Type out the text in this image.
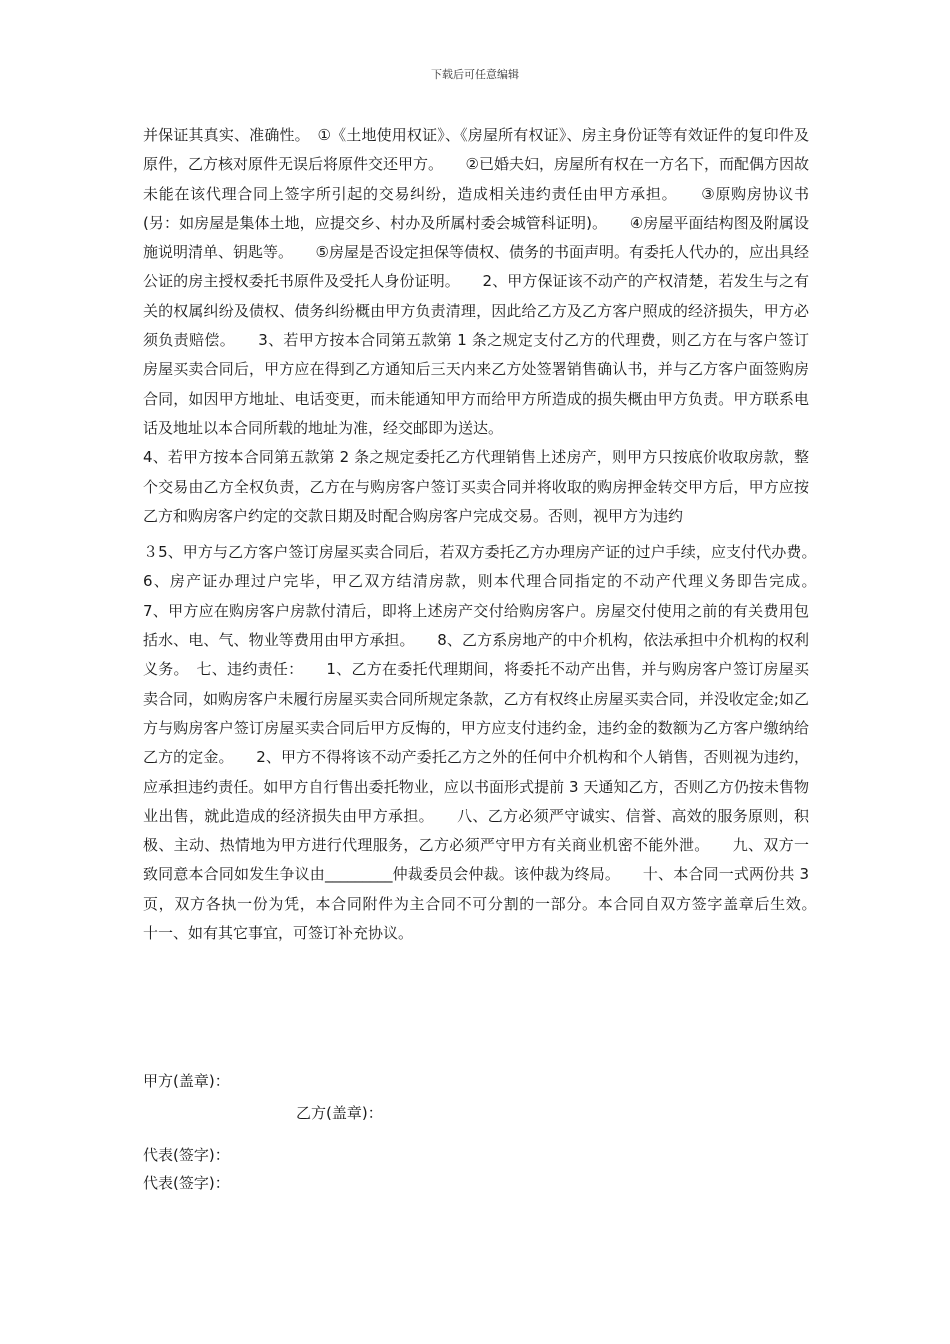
下载后可任意编辑

并保证其真实、准确性。　①《土地使用权证》、《房屋所有权证》、房主身份证等有效证件的复印件及原件，乙方核对原件无误后将原件交还甲方。　　②已婚夫妇，房屋所有权在一方名下，而配偶方因故未能在该代理合同上签字所引起的交易纠纷，造成相关违约责任由甲方承担。　　③原购房协议书(另：如房屋是集体土地，应提交乡、村办及所属村委会城管科证明)。　　④房屋平面结构图及附属设施说明清单、钥匙等。　　⑤房屋是否设定担保等债权、债务的书面声明。有委托人代办的，应出具经公证的房主授权委托书原件及受托人身份证明。　　2、甲方保证该不动产的产权清楚，若发生与之有关的权属纠纷及债权、债务纠纷概由甲方负责清理，因此给乙方及乙方客户照成的经济损失，甲方必须负责赔偿。　　3、若甲方按本合同第五款第 1 条之规定支付乙方的代理费，则乙方在与客户签订房屋买卖合同后，甲方应在得到乙方通知后三天内来乙方处签署销售确认书，并与乙方客户面签购房合同，如因甲方地址、电话变更，而未能通知甲方而给甲方所造成的损失概由甲方负责。甲方联系电话及地址以本合同所载的地址为准，经交邮即为送达。

4、若甲方按本合同第五款第 2 条之规定委托乙方代理销售上述房产，则甲方只按底价收取房款，整个交易由乙方全权负责，乙方在与购房客户签订买卖合同并将收取的购房押金转交甲方后，甲方应按乙方和购房客户约定的交款日期及时配合购房客户完成交易。否则，视甲方为违约

３5、甲方与乙方客户签订房屋买卖合同后，若双方委托乙方办理房产证的过户手续，应支付代办费。　　6、房产证办理过户完毕，甲乙双方结清房款，则本代理合同指定的不动产代理义务即告完成。　　7、甲方应在购房客户房款付清后，即将上述房产交付给购房客户。房屋交付使用之前的有关费用包括水、电、气、物业等费用由甲方承担。　　8、乙方系房地产的中介机构，依法承担中介机构的权利义务。　七、违约责任：　　1、乙方在委托代理期间，将委托不动产出售，并与购房客户签订房屋买卖合同，如购房客户未履行房屋买卖合同所规定条款，乙方有权终止房屋买卖合同，并没收定金;如乙方与购房客户签订房屋买卖合同后甲方反悔的，甲方应支付违约金，违约金的数额为乙方客户缴纳给乙方的定金。　　2、甲方不得将该不动产委托乙方之外的任何中介机构和个人销售，否则视为违约，应承担违约责任。如甲方自行售出委托物业，应以书面形式提前 3 天通知乙方，否则乙方仍按未售物业出售，就此造成的经济损失由甲方承担。　　八、乙方必须严守诚实、信誉、高效的服务原则，积极、主动、热情地为甲方进行代理服务，乙方必须严守甲方有关商业机密不能外泄。　　九、双方一致同意本合同如发生争议由_________仲裁委员会仲裁。该仲裁为终局。　　十、本合同一式两份共 3 页，双方各执一份为凭，本合同附件为主合同不可分割的一部分。本合同自双方签字盖章后生效。　　十一、如有其它事宜，可签订补充协议。

甲方(盖章)：
乙方(盖章)：
代表(签字)：
代表(签字)：
